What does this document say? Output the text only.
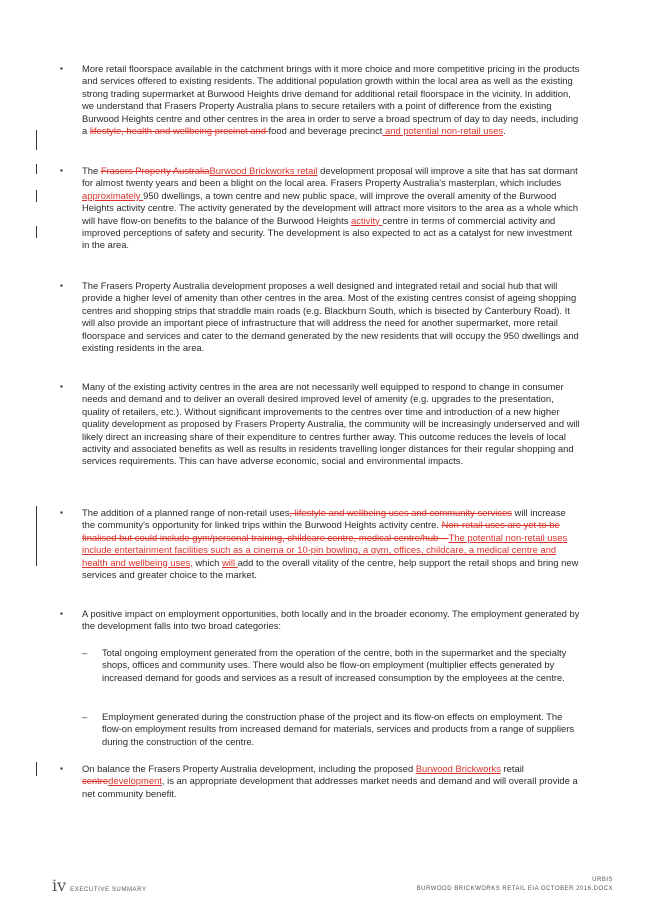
▪ More retail floorspace available in the catchment brings with it more choice and more competitive pricing in the products and services offered to existing residents. The additional population growth within the local area as well as the existing strong trading supermarket at Burwood Heights drive demand for additional retail floorspace in the vicinity. In addition, we understand that Frasers Property Australia plans to secure retailers with a point of difference from the existing Burwood Heights centre and other centres in the area in order to serve a broad spectrum of day to day needs, including a lifestyle, health and wellbeing precinct and food and beverage precinct and potential non-retail uses.
▪ The Frasers Property AustraliaBurwood Brickworks retail development proposal will improve a site that has sat dormant for almost twenty years and been a blight on the local area. Frasers Property Australia's masterplan, which includes approximately 950 dwellings, a town centre and new public space, will improve the overall amenity of the Burwood Heights activity centre. The activity generated by the development will attract more visitors to the area as a whole which will have flow-on benefits to the balance of the Burwood Heights activity centre in terms of commercial activity and improved perceptions of safety and security. The development is also expected to act as a catalyst for new investment in the area.
▪ The Frasers Property Australia development proposes a well designed and integrated retail and social hub that will provide a higher level of amenity than other centres in the area. Most of the existing centres consist of ageing shopping centres and shopping strips that straddle main roads (e.g. Blackburn South, which is bisected by Canterbury Road). It will also provide an important piece of infrastructure that will address the need for another supermarket, more retail floorspace and services and cater to the demand generated by the new residents that will occupy the 950 dwellings and existing residents in the area.
▪ Many of the existing activity centres in the area are not necessarily well equipped to respond to change in consumer needs and demand and to deliver an overall desired improved level of amenity (e.g. upgrades to the presentation, quality of retailers, etc.). Without significant improvements to the centres over time and introduction of a new higher quality development as proposed by Frasers Property Australia, the community will be increasingly underserved and will likely direct an increasing share of their expenditure to centres further away. This outcome reduces the levels of local activity and associated benefits as well as results in residents travelling longer distances for their regular shopping and services requirements. This can have adverse economic, social and environmental impacts.
▪ The addition of a planned range of non-retail uses, lifestyle and wellbeing uses and community services will increase the community's opportunity for linked trips within the Burwood Heights activity centre. Non-retail uses are yet to be finalised but could include gym/personal training, childcare centre, medical centre/hub – The potential non-retail uses include entertainment facilities such as a cinema or 10-pin bowling, a gym, offices, childcare, a medical centre and health and wellbeing uses, which will add to the overall vitality of the centre, help support the retail shops and bring new services and greater choice to the market.
▪ A positive impact on employment opportunities, both locally and in the broader economy. The employment generated by the development falls into two broad categories:
– Total ongoing employment generated from the operation of the centre, both in the supermarket and the specialty shops, offices and community uses. There would also be flow-on employment (multiplier effects generated by increased demand for goods and services as a result of increased consumption by the employees at the centre.
– Employment generated during the construction phase of the project and its flow-on effects on employment. The flow-on employment results from increased demand for materials, services and products from a range of suppliers during the construction of the centre.
▪ On balance the Frasers Property Australia development, including the proposed Burwood Brickworks retail centredevelopment, is an appropriate development that addresses market needs and demand and will overall provide a net community benefit.
iv EXECUTIVE SUMMARY
URBIS
BURWOOD BRICKWORKS RETAIL EIA OCTOBER 2016.DOCX
